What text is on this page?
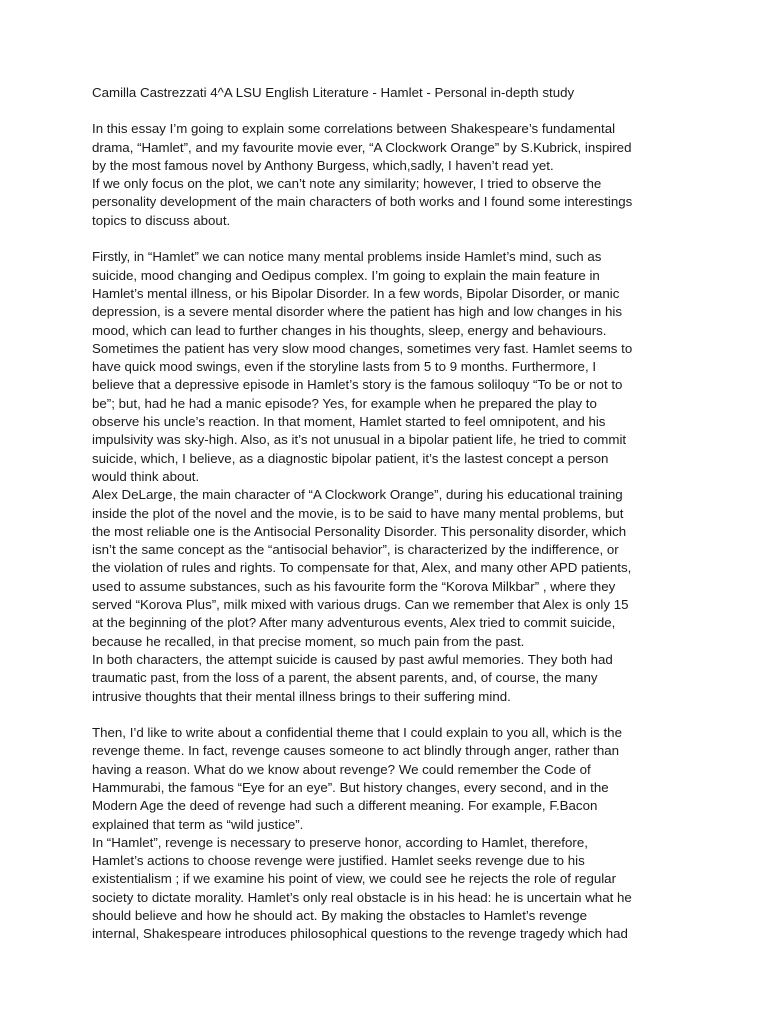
Camilla Castrezzati 4^A LSU English Literature - Hamlet - Personal in-depth study
In this essay I’m going to explain some correlations between Shakespeare’s fundamental
drama, “Hamlet”, and my favourite movie ever, “A Clockwork Orange” by S.Kubrick, inspired
by the most famous novel by Anthony Burgess, which,sadly, I haven’t read yet.
If we only focus on the plot, we can’t note any similarity; however, I tried to observe the
personality development of the main characters of both works and I found some interestings
topics to discuss about.
Firstly, in “Hamlet” we can notice many mental problems inside Hamlet’s mind, such as
suicide, mood changing and Oedipus complex. I’m going to explain the main feature in
Hamlet’s mental illness, or his Bipolar Disorder. In a few words, Bipolar Disorder, or manic
depression, is a severe mental disorder where the patient has high and low changes in his
mood, which can lead to further changes in his thoughts, sleep, energy and behaviours.
Sometimes the patient has very slow mood changes, sometimes very fast. Hamlet seems to
have quick mood swings, even if the storyline lasts from 5 to 9 months. Furthermore, I
believe that a depressive episode in Hamlet’s story is the famous soliloquy “To be or not to
be”; but, had he had a manic episode? Yes, for example when he prepared the play to
observe his uncle’s reaction. In that moment, Hamlet started to feel omnipotent, and his
impulsivity was sky-high. Also, as it’s not unusual in a bipolar patient life, he tried to commit
suicide, which, I believe, as a diagnostic bipolar patient, it’s the lastest concept a person
would think about.
Alex DeLarge, the main character of “A Clockwork Orange”, during his educational training
inside the plot of the novel and the movie, is to be said to have many mental problems, but
the most reliable one is the Antisocial Personality Disorder. This personality disorder, which
isn’t the same concept as the “antisocial behavior”, is characterized by the indifference, or
the violation of rules and rights. To compensate for that, Alex, and many other APD patients,
used to assume substances, such as his favourite form the “Korova Milkbar” , where they
served “Korova Plus”, milk mixed with various drugs. Can we remember that Alex is only 15
at the beginning of the plot? After many adventurous events, Alex tried to commit suicide,
because he recalled, in that precise moment, so much pain from the past.
In both characters, the attempt suicide is caused by past awful memories. They both had
traumatic past, from the loss of a parent, the absent parents, and, of course, the many
intrusive thoughts that their mental illness brings to their suffering mind.
Then, I’d like to write about a confidential theme that I could explain to you all, which is the
revenge theme. In fact, revenge causes someone to act blindly through anger, rather than
having a reason. What do we know about revenge? We could remember the Code of
Hammurabi, the famous “Eye for an eye”. But history changes, every second, and in the
Modern Age the deed of revenge had such a different meaning. For example, F.Bacon
explained that term as “wild justice”.
In “Hamlet”, revenge is necessary to preserve honor, according to Hamlet, therefore,
Hamlet’s actions to choose revenge were justified. Hamlet seeks revenge due to his
existentialism ; if we examine his point of view, we could see he rejects the role of regular
society to dictate morality. Hamlet’s only real obstacle is in his head: he is uncertain what he
should believe and how he should act. By making the obstacles to Hamlet’s revenge
internal, Shakespeare introduces philosophical questions to the revenge tragedy which had
